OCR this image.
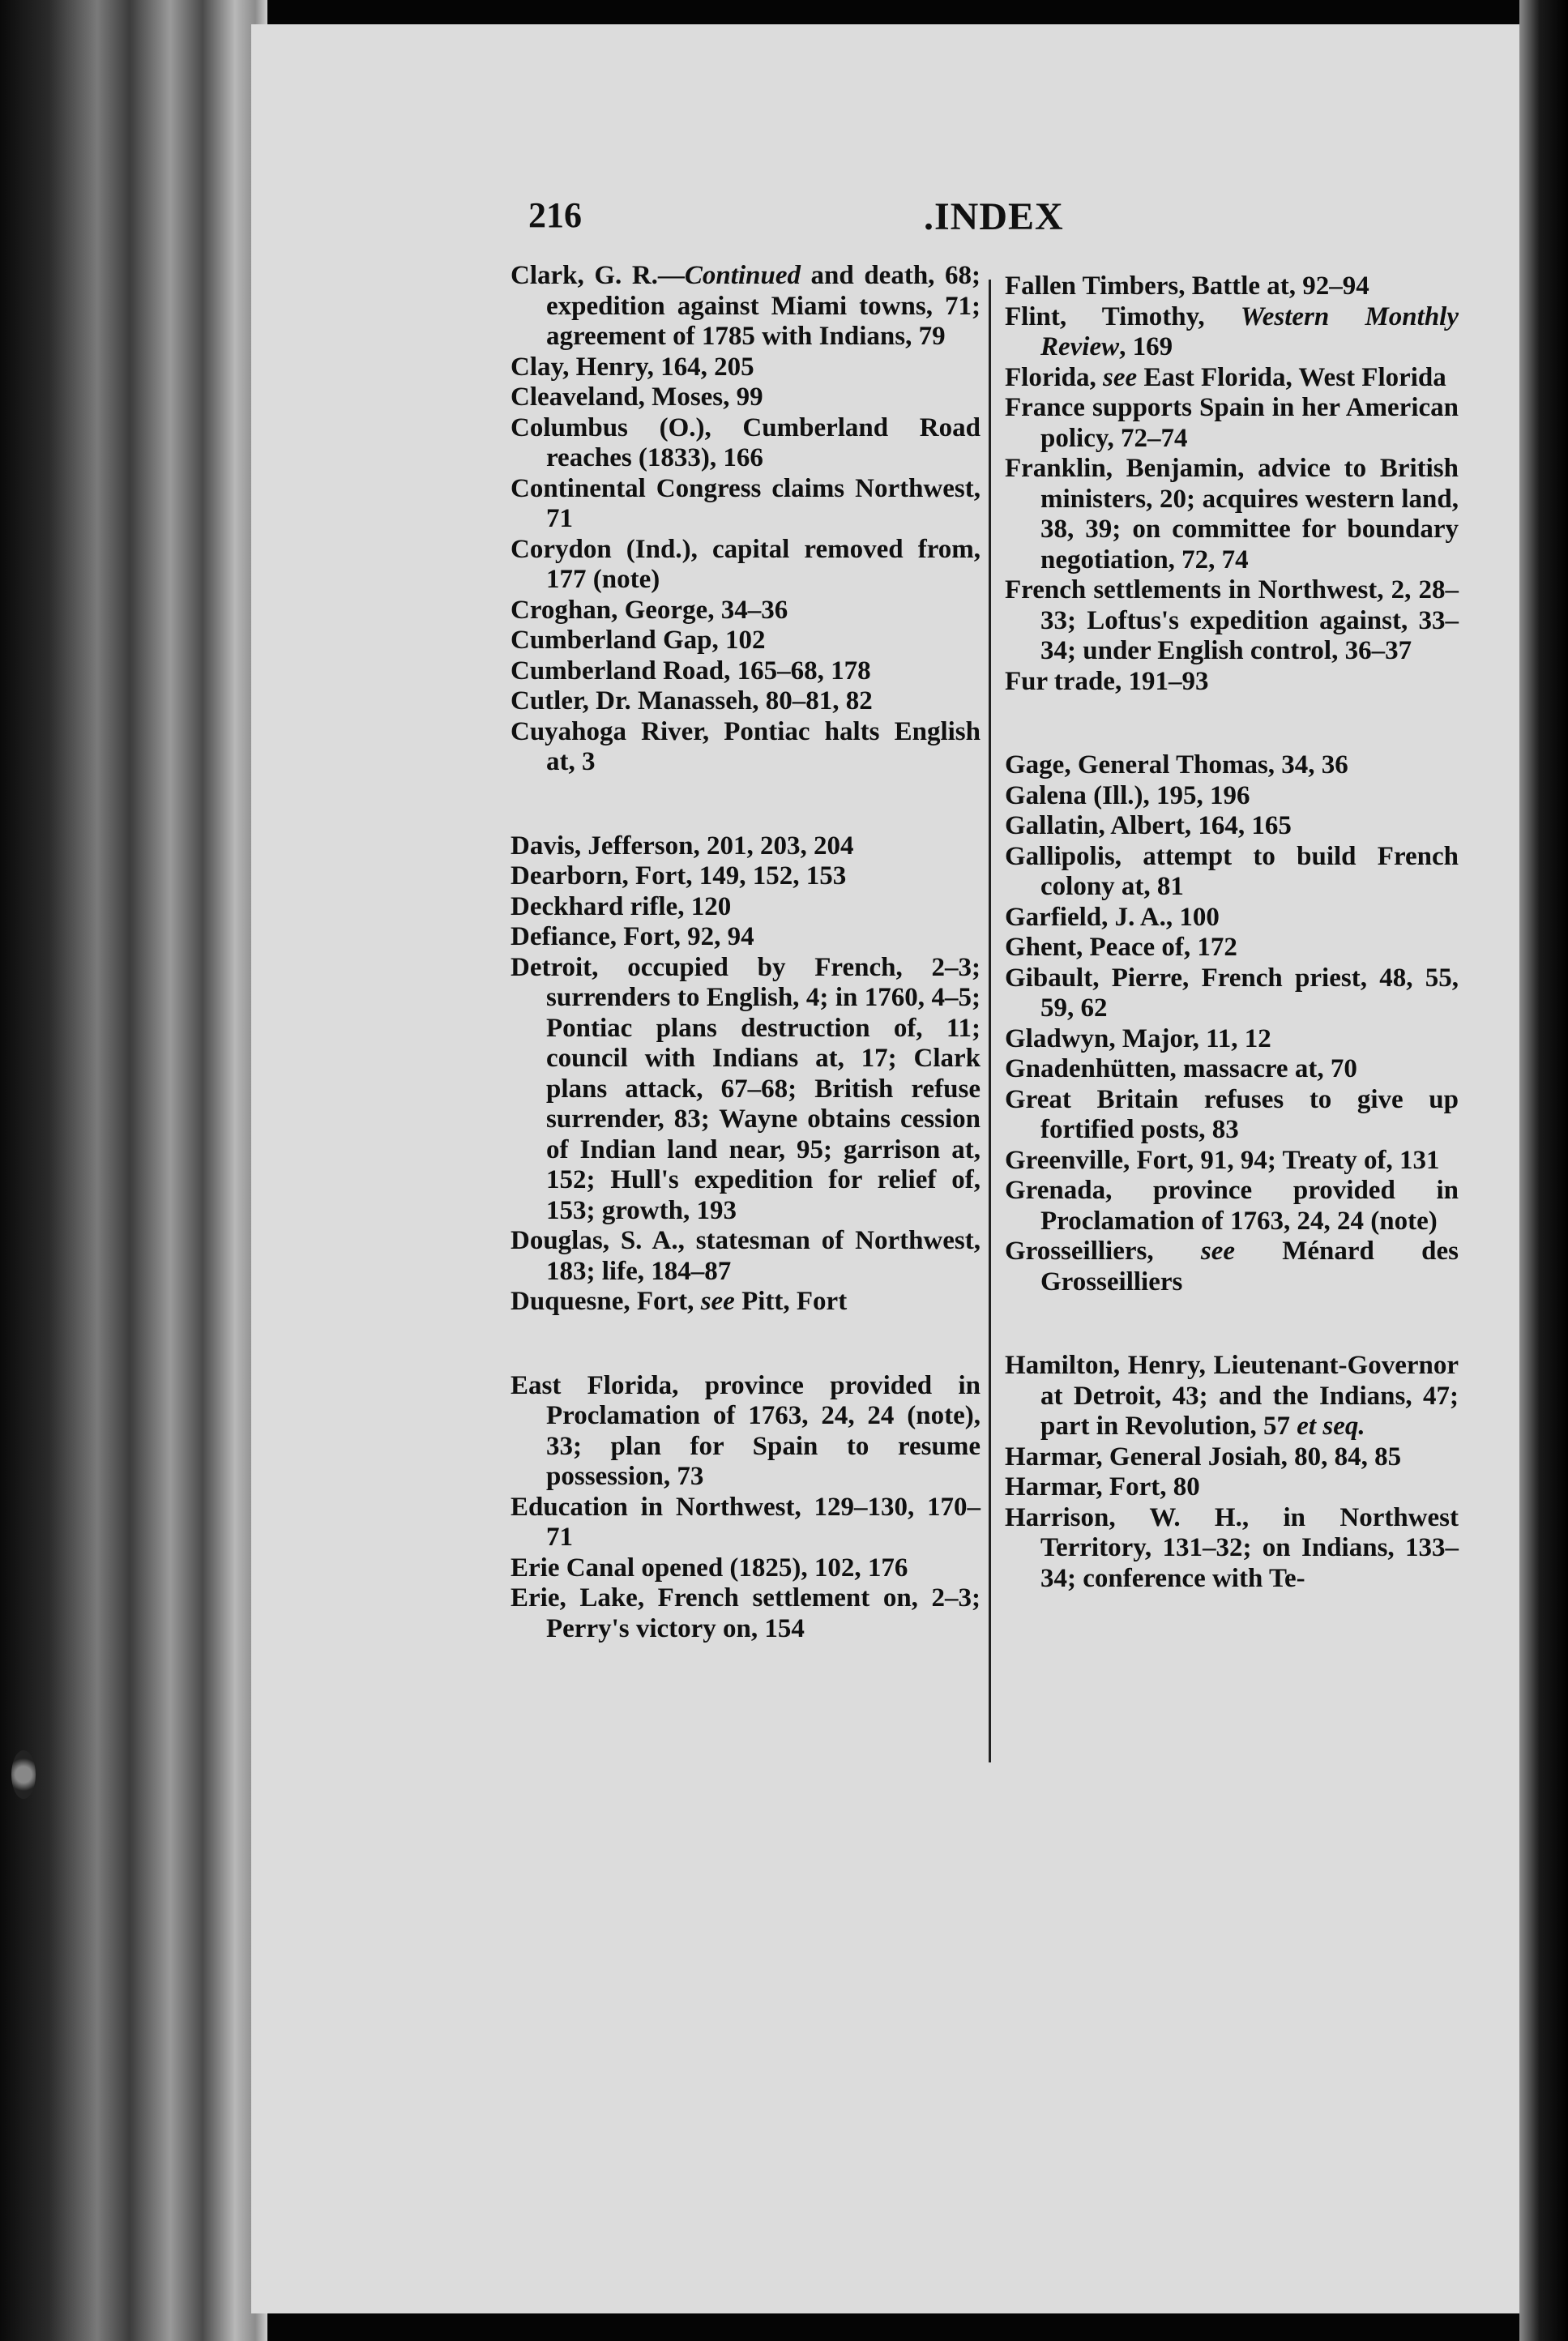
216	.INDEX

Clark, G. R.—Continued and death, 68; expedition against Miami towns, 71; agreement of 1785 with Indians, 79

Clay, Henry, 164, 205

Cleaveland, Moses, 99

Columbus (O.), Cumberland Road reaches (1833), 166

Continental Congress claims Northwest, 71

Corydon (Ind.), capital removed from, 177 (note)

Croghan, George, 34–36

Cumberland Gap, 102

Cumberland Road, 165–68, 178

Cutler, Dr. Manasseh, 80–81, 82

Cuyahoga River, Pontiac halts English at, 3

Davis, Jefferson, 201, 203, 204

Dearborn, Fort, 149, 152, 153

Deckhard rifle, 120

Defiance, Fort, 92, 94

Detroit, occupied by French, 2–3; surrenders to English, 4; in 1760, 4–5; Pontiac plans destruction of, 11; council with Indians at, 17; Clark plans attack, 67–68; British refuse surrender, 83; Wayne obtains cession of Indian land near, 95; garrison at, 152; Hull's expedition for relief of, 153; growth, 193

Douglas, S. A., statesman of Northwest, 183; life, 184–87

Duquesne, Fort, see Pitt, Fort

East Florida, province provided in Proclamation of 1763, 24, 24 (note), 33; plan for Spain to resume possession, 73

Education in Northwest, 129–130, 170–71

Erie Canal opened (1825), 102, 176

Erie, Lake, French settlement on, 2–3; Perry's victory on, 154

Fallen Timbers, Battle at, 92–94

Flint, Timothy, Western Monthly Review, 169

Florida, see East Florida, West Florida

France supports Spain in her American policy, 72–74

Franklin, Benjamin, advice to British ministers, 20; acquires western land, 38, 39; on committee for boundary negotiation, 72, 74

French settlements in Northwest, 2, 28–33; Loftus's expedition against, 33–34; under English control, 36–37

Fur trade, 191–93

Gage, General Thomas, 34, 36

Galena (Ill.), 195, 196

Gallatin, Albert, 164, 165

Gallipolis, attempt to build French colony at, 81

Garfield, J. A., 100

Ghent, Peace of, 172

Gibault, Pierre, French priest, 48, 55, 59, 62

Gladwyn, Major, 11, 12

Gnadenhütten, massacre at, 70

Great Britain refuses to give up fortified posts, 83

Greenville, Fort, 91, 94; Treaty of, 131

Grenada, province provided in Proclamation of 1763, 24, 24 (note)

Grosseilliers, see Ménard des Grosseilliers

Hamilton, Henry, Lieutenant-Governor at Detroit, 43; and the Indians, 47; part in Revolution, 57 et seq.

Harmar, General Josiah, 80, 84, 85

Harmar, Fort, 80

Harrison, W. H., in Northwest Territory, 131–32; on Indians, 133–34; conference with Te-
